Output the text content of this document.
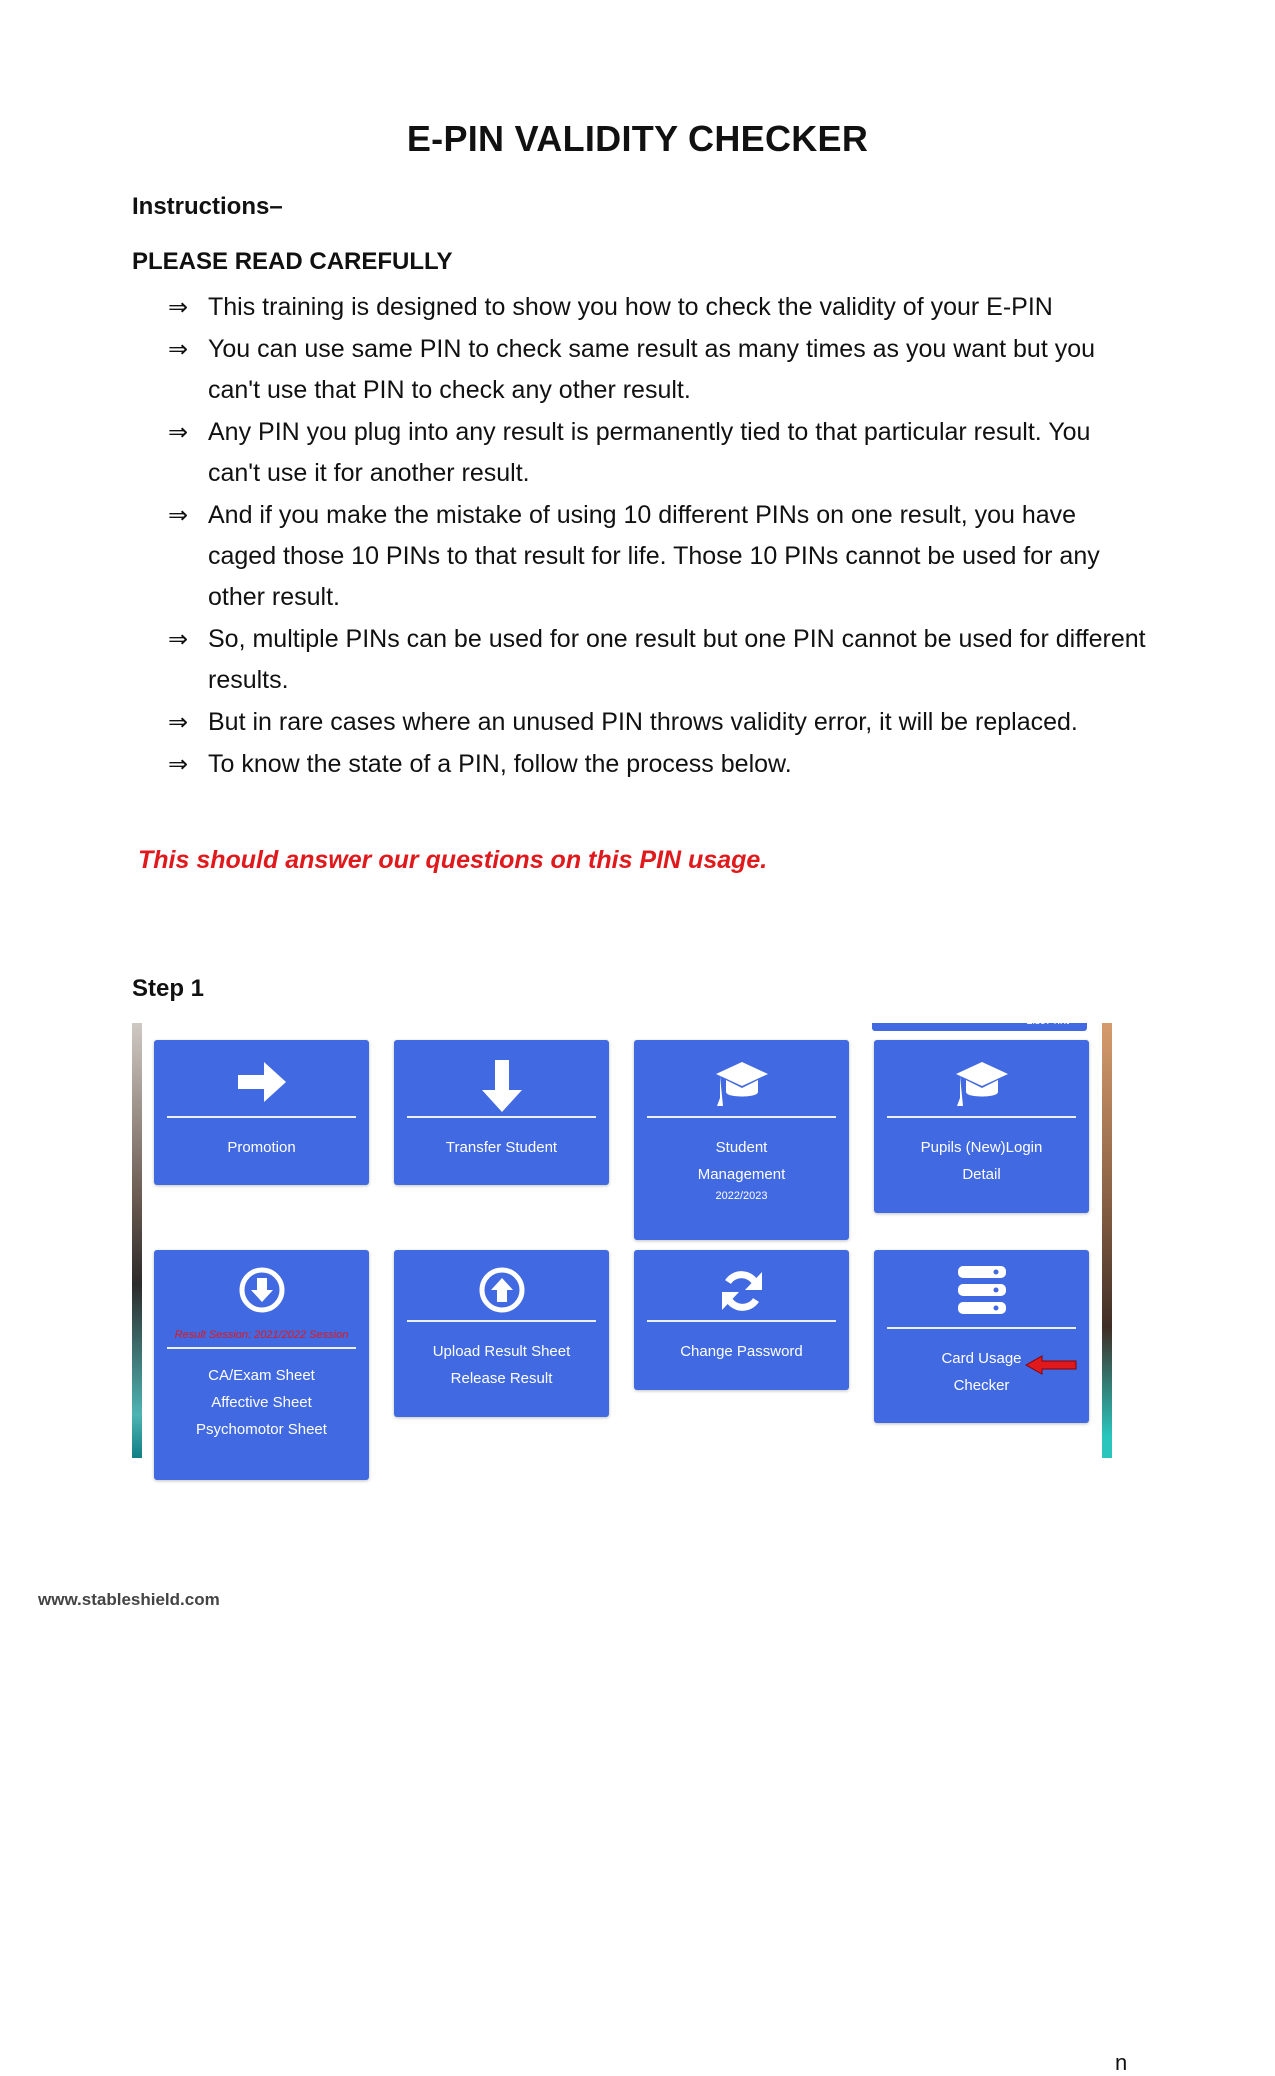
E-PIN VALIDITY CHECKER
Instructions–
PLEASE READ CAREFULLY
⇒ This training is designed to show you how to check the validity of your E-PIN
⇒ You can use same PIN to check same result as many times as you want but you can't use that PIN to check any other result.
⇒ Any PIN you plug into any result is permanently tied to that particular result. You can't use it for another result.
⇒ And if you make the mistake of using 10 different PINs on one result, you have caged those 10 PINs to that result for life. Those 10 PINs cannot be used for any other result.
⇒ So, multiple PINs can be used for one result but one PIN cannot be used for different results.
⇒ But in rare cases where an unused PIN throws validity error, it will be replaced.
⇒ To know the state of a PIN, follow the process below.
This should answer our questions on this PIN usage.
Step 1
n
List/Print
Promotion	Transfer Student	Student
Management
2022/2023
Pupils (New)Login
Detail
Result Session: 2021/2022 Session
CA/Exam Sheet
Affective Sheet
Psychomotor Sheet
Upload Result Sheet
Release Result
Change Password	Card Usage
Checker
www.stableshield.com
